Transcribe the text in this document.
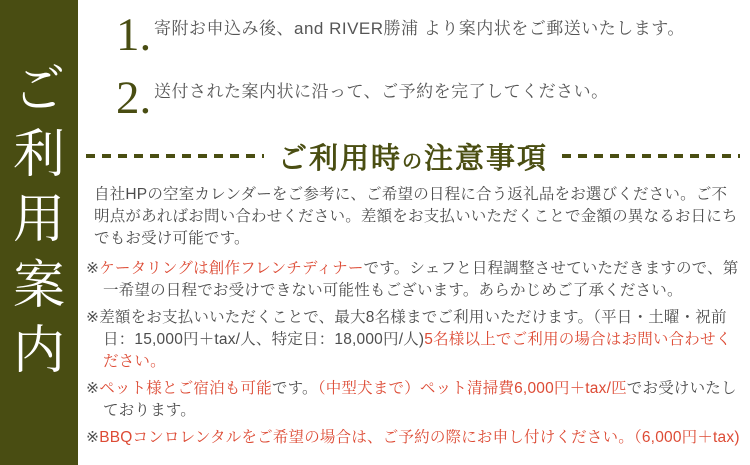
ご
利
用
案
内
1. 寄附お申込み後、and RIVER勝浦 より案内状をご郵送いたします。
2. 送付された案内状に沿って、ご予約を完了してください。
ご利用時の注意事項
自社HPの空室カレンダーをご参考に、ご希望の日程に合う返礼品をお選びください。ご不明点があればお問い合わせください。差額をお支払いいただくことで金額の異なるお日にちでもお受け可能です。
※ケータリングは創作フレンチディナーです。シェフと日程調整させていただきますので、第一希望の日程でお受けできない可能性もございます。あらかじめご了承ください。
※差額をお支払いいただくことで、最大8名様までご利用いただけます。（平日・土曜・祝前日：15,000円＋tax/人、特定日：18,000円/人)5名様以上でご利用の場合はお問い合わせください。
※ペット様とご宿泊も可能です。（中型犬まで）ペット清掃費6,000円＋tax/匹でお受けいたしております。
※BBQコンロレンタルをご希望の場合は、ご予約の際にお申し付けください。（6,000円＋tax)
